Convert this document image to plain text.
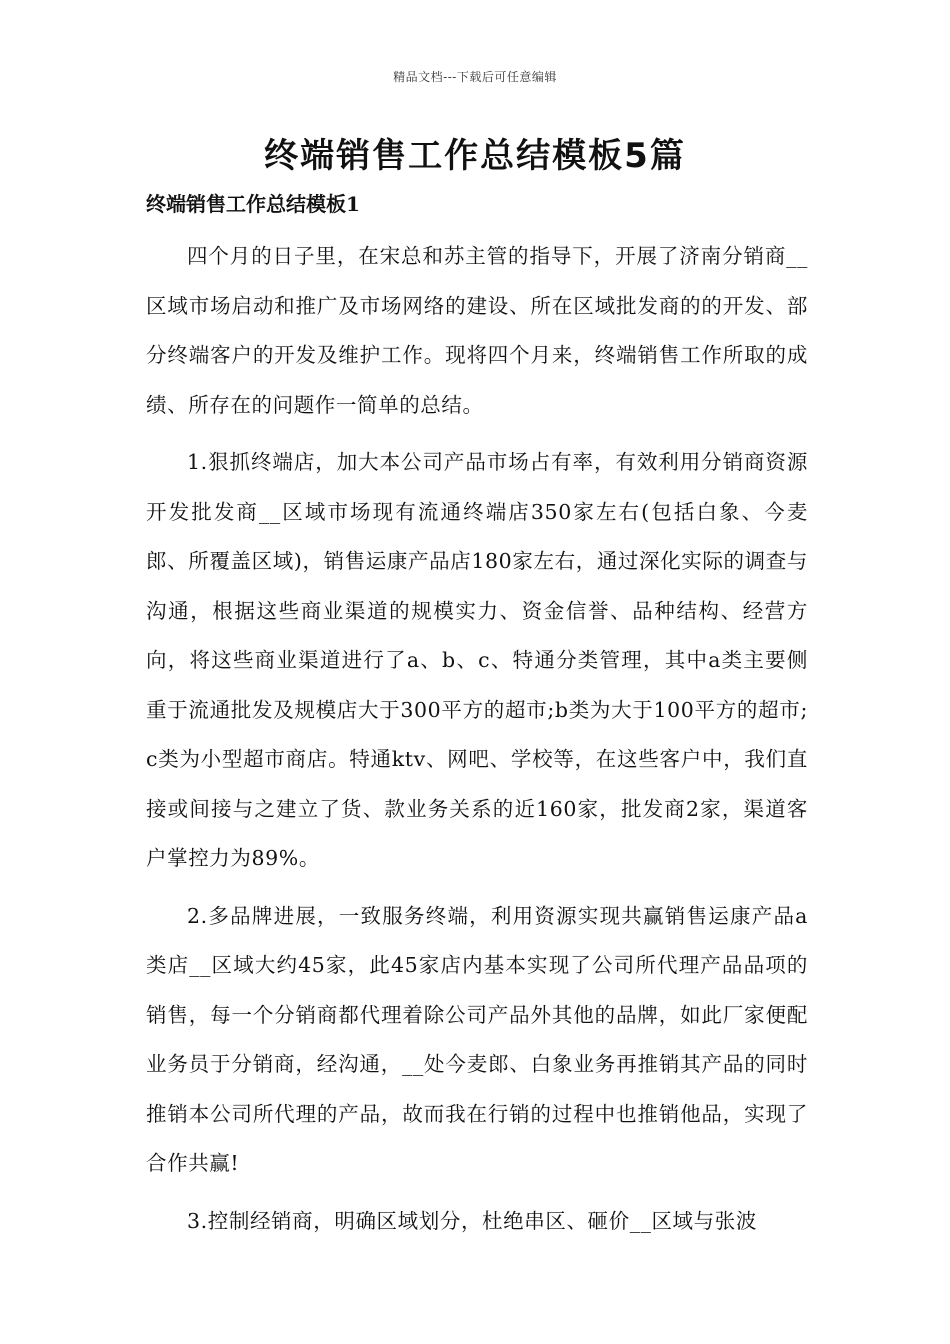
精品文档---下载后可任意编辑
终端销售工作总结模板5篇
终端销售工作总结模板1

四个月的日子里，在宋总和苏主管的指导下，开展了济南分销商__区域市场启动和推广及市场网络的建设、所在区域批发商的的开发、部分终端客户的开发及维护工作。现将四个月来，终端销售工作所取的成绩、所存在的问题作一简单的总结。

1.狠抓终端店，加大本公司产品市场占有率，有效利用分销商资源开发批发商__区域市场现有流通终端店350家左右(包括白象、今麦郎、所覆盖区域)，销售运康产品店180家左右，通过深化实际的调查与沟通，根据这些商业渠道的规模实力、资金信誉、品种结构、经营方向，将这些商业渠道进行了a、b、c、特通分类管理，其中a类主要侧重于流通批发及规模店大于300平方的超市;b类为大于100平方的超市;c类为小型超市商店。特通ktv、网吧、学校等，在这些客户中，我们直接或间接与之建立了货、款业务关系的近160家，批发商2家，渠道客户掌控力为89%。

2.多品牌进展，一致服务终端，利用资源实现共赢销售运康产品a类店__区域大约45家，此45家店内基本实现了公司所代理产品品项的销售，每一个分销商都代理着除公司产品外其他的品牌，如此厂家便配业务员于分销商，经沟通，__处今麦郎、白象业务再推销其产品的同时推销本公司所代理的产品，故而我在行销的过程中也推销他品，实现了合作共赢!

3.控制经销商，明确区域划分，杜绝串区、砸价__区域与张波
